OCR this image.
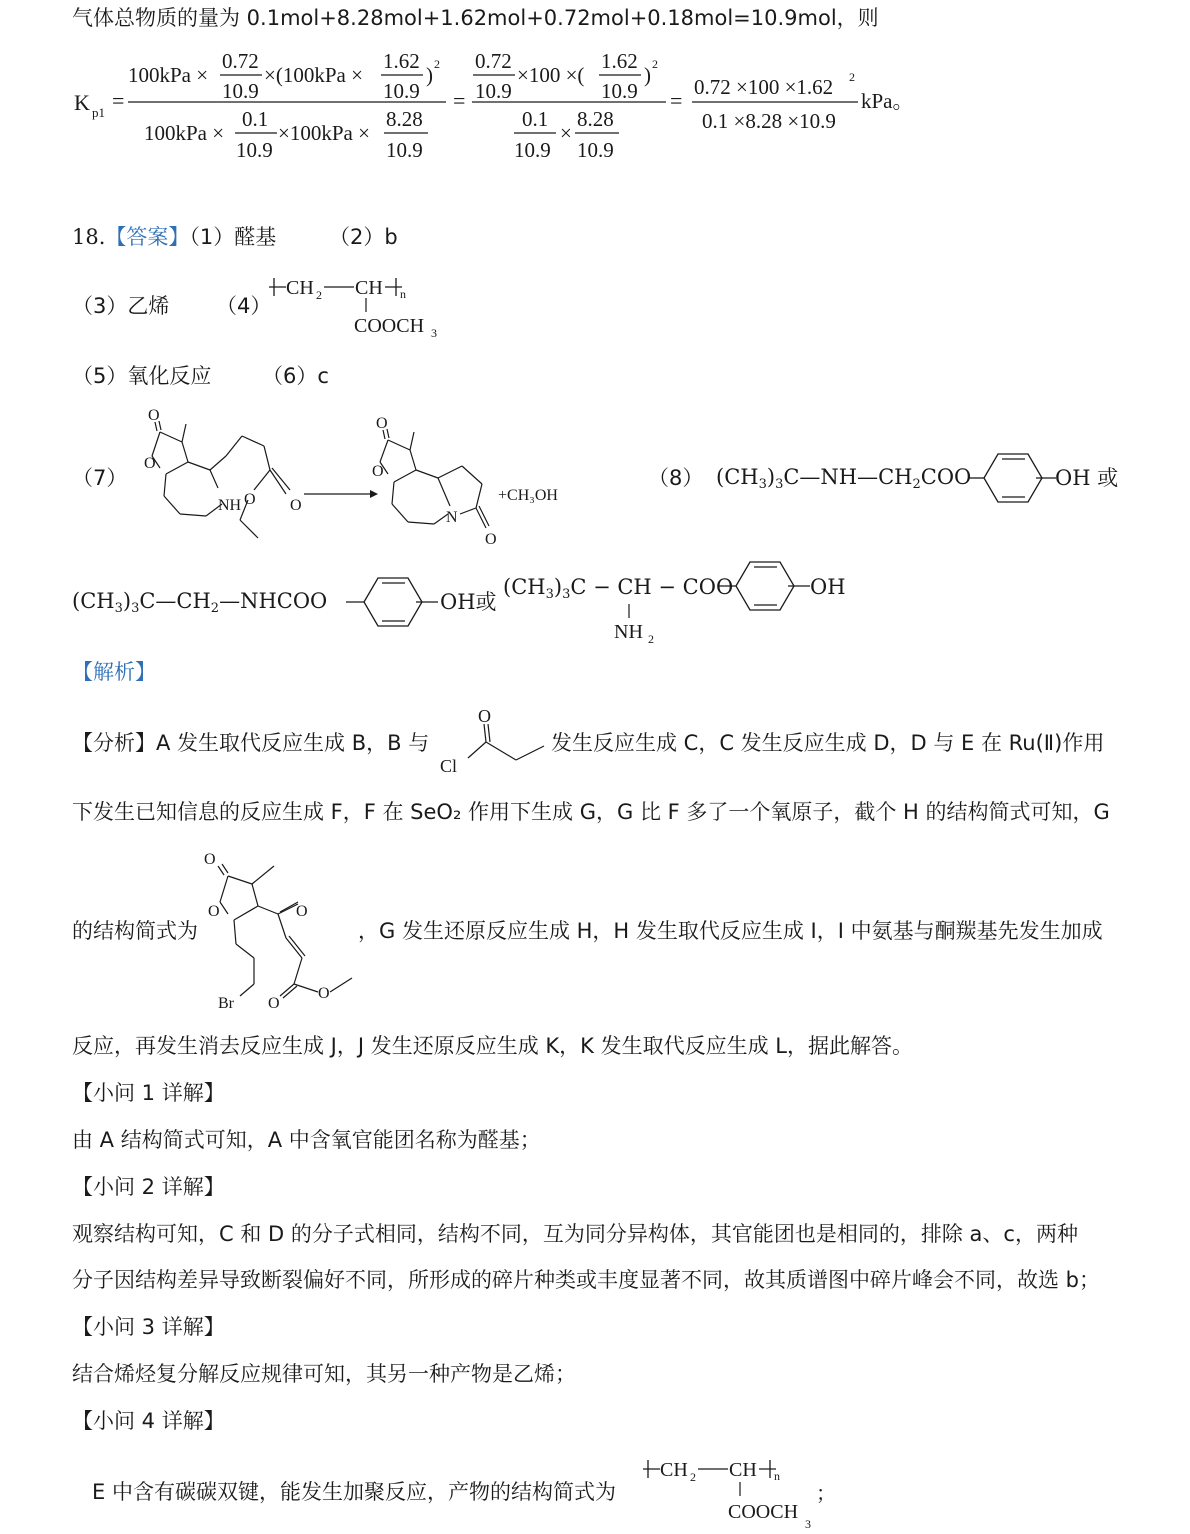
气体总物质的量为 0.1mol+8.28mol+1.62mol+0.72mol+0.18mol=10.9mol，则
K p1 =
100kPa ×
0.72
10.9
×(100kPa ×
1.62
10.9
) 2
100kPa ×
0.1
10.9
×100kPa ×
8.28
10.9
=
0.72
10.9
×100 ×(
1.62
10.9
) 2
0.1
10.9
×
8.28
10.9
=
0.72 ×100 ×1.62 2
0.1 ×8.28 ×10.9
kPa。
18.【答案】（1）醛基	（2）b
（3）乙烯 （4）
CH 2 CH n
COOCH 3
（5）氧化反应 （6）c
（7）
O
O
NH	O
O
O
O
N
O
+CH₃OH
（8） $(CH_3)_3C—NH—CH_2COO$	OH 或
$(CH_3)_3C—CH_2—NHCOO$	OH或
$(CH_3)_3C$ − CH − COO
NH 2
OH
【解析】
【分析】A 发生取代反应生成 B，B 与
O
Cl
发生反应生成 C，C 发生反应生成 D，D 与 E 在 Ru(Ⅱ)作用
下发生已知信息的反应生成 F，F 在 SeO₂ 作用下生成 G，G 比 F 多了一个氧原子，截个 H 的结构简式可知，G
的结构简式为
O
O	O
Br O
O
，G 发生还原反应生成 H，H 发生取代反应生成 I，I 中氨基与酮羰基先发生加成
反应，再发生消去反应生成 J，J 发生还原反应生成 K，K 发生取代反应生成 L，据此解答。
【小问 1 详解】
由 A 结构简式可知，A 中含氧官能团名称为醛基；
【小问 2 详解】
观察结构可知，C 和 D 的分子式相同，结构不同，互为同分异构体，其官能团也是相同的，排除 a、c，两种
分子因结构差异导致断裂偏好不同，所形成的碎片种类或丰度显著不同，故其质谱图中碎片峰会不同，故选 b；
【小问 3 详解】
结合烯烃复分解反应规律可知，其另一种产物是乙烯；
【小问 4 详解】
E 中含有碳碳双键，能发生加聚反应，产物的结构简式为
CH 2 CH n
COOCH
3
；
